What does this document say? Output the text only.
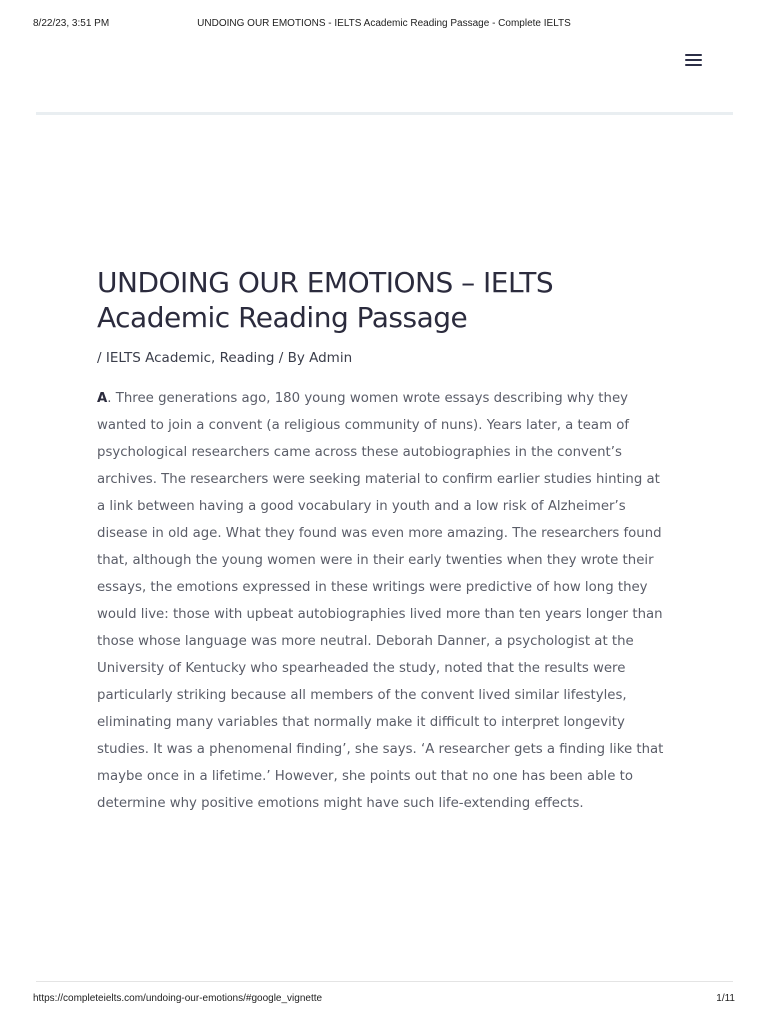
8/22/23, 3:51 PM	UNDOING OUR EMOTIONS - IELTS Academic Reading Passage - Complete IELTS
UNDOING OUR EMOTIONS – IELTS Academic Reading Passage
/ IELTS Academic, Reading / By Admin

A. Three generations ago, 180 young women wrote essays describing why they wanted to join a convent (a religious community of nuns). Years later, a team of psychological researchers came across these autobiographies in the convent’s archives. The researchers were seeking material to confirm earlier studies hinting at a link between having a good vocabulary in youth and a low risk of Alzheimer’s disease in old age. What they found was even more amazing. The researchers found that, although the young women were in their early twenties when they wrote their essays, the emotions expressed in these writings were predictive of how long they would live: those with upbeat autobiographies lived more than ten years longer than those whose language was more neutral. Deborah Danner, a psychologist at the University of Kentucky who spearheaded the study, noted that the results were particularly striking because all members of the convent lived similar lifestyles, eliminating many variables that normally make it difficult to interpret longevity studies. It was a phenomenal finding’, she says. ‘A researcher gets a finding like that maybe once in a lifetime.’ However, she points out that no one has been able to determine why positive emotions might have such life-extending effects.

https://completeielts.com/undoing-our-emotions/#google_vignette	1/11
